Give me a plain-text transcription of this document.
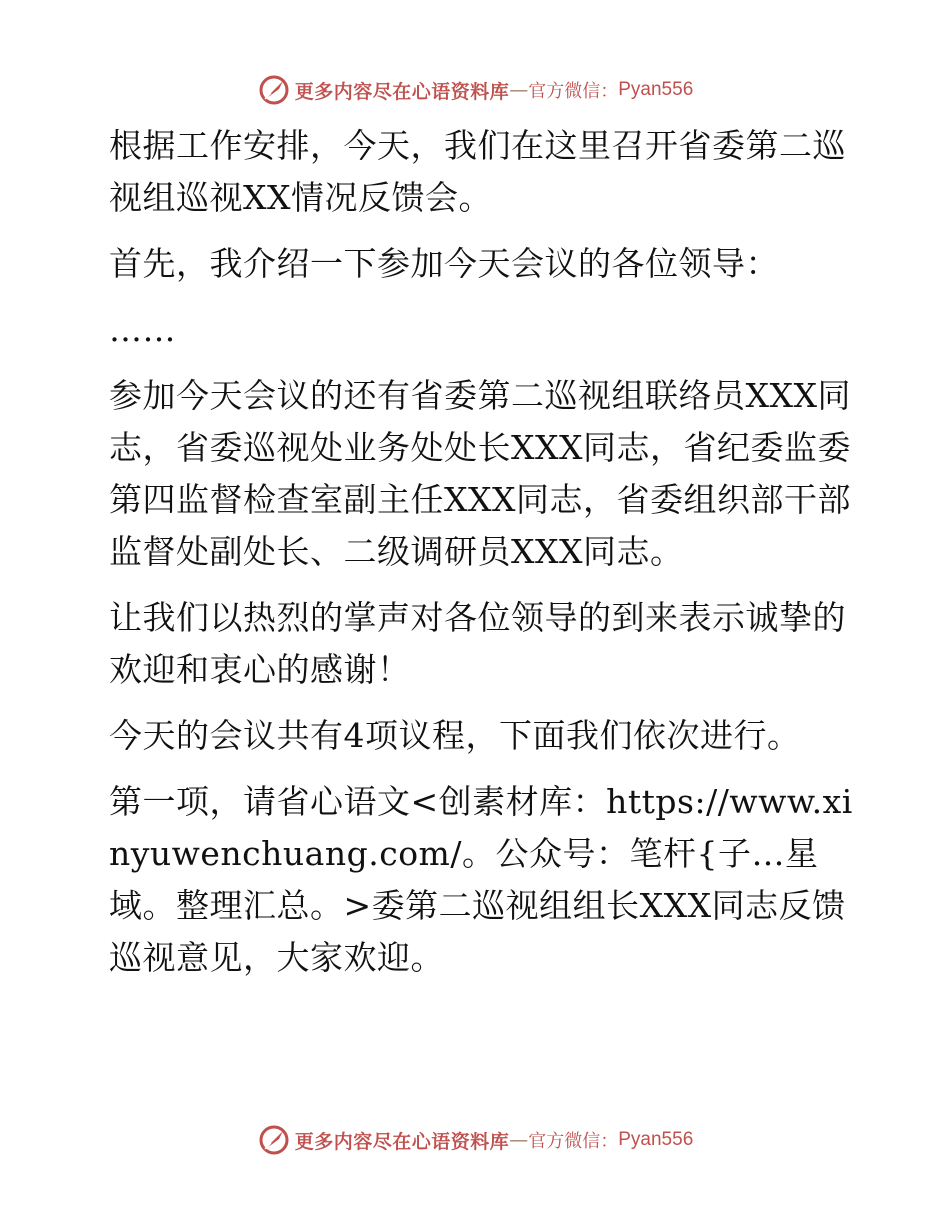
更多内容尽在心语资料库 — 官方微信： Pyan556

根据工作安排，今天，我们在这里召开省委第二巡视组巡视XX情况反馈会。

首先，我介绍一下参加今天会议的各位领导：

……

参加今天会议的还有省委第二巡视组联络员XXX同志，省委巡视处业务处处长XXX同志，省纪委监委第四监督检查室副主任XXX同志，省委组织部干部监督处副处长、二级调研员XXX同志。

让我们以热烈的掌声对各位领导的到来表示诚挚的欢迎和衷心的感谢！

今天的会议共有4项议程，下面我们依次进行。

第一项，请省心语文<创素材库：https://www.xinyuwenchuang.com/。公众号：笔杆{子…星域。整理汇总。>委第二巡视组组长XXX同志反馈巡视意见，大家欢迎。

更多内容尽在心语资料库 — 官方微信： Pyan556
